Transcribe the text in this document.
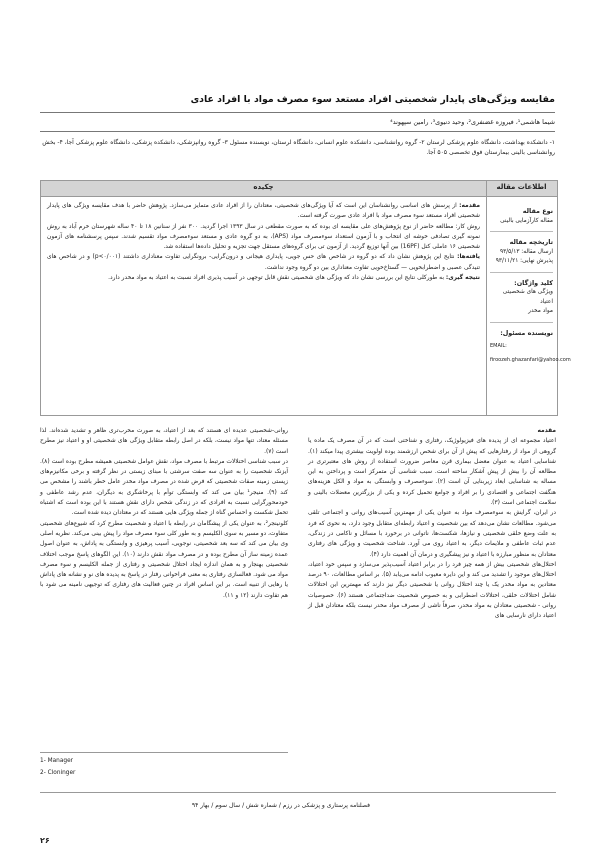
مقایسه ویژگی‌های پایدار شخصیتی افراد مستعد سوء مصرف مواد با افراد عادی
شیما هاشمی¹، فیروزه غضنفری²، وحید دنیوی³، رامین سپهوند⁴
۱- دانشکده بهداشت، دانشگاه علوم پزشکی لرستان ۲- گروه روانشناسی، دانشکده علوم انسانی، دانشگاه لرستان، نویسنده مسئول ۳- گروه روانپزشکی، دانشکده پزشکی، دانشگاه علوم پزشکی آجا، ۴- بخش روانشناسی بالینی بیمارستان فوق تخصصی ۵۰۵ آجا.
چکیده	اطلاعات مقاله

مقدمه: از پرسش های اساسی روانشناسان این است که آیا ویژگی‌های شخصیتی، معتادان را از افراد عادی متمایز می‌سازد. پژوهش حاضر با هدف مقایسه ویژگی های پایدار شخصیتی افراد مستعد سوء مصرف مواد با افراد عادی صورت گرفته است.

روش کار: مطالعه حاضر از نوع پژوهش‌های علی مقایسه ای بوده که به صورت مقطعی در سال ۱۳۹۳ اجرا گردید. ۳۰۰ نفر از سنانین ۱۸ تا ۴۰ ساله شهرستان خرم آباد به روش نمونه گیری تصادفی خوشه ای انتخاب و با آزمون استعداد سوءمصرف مواد (APS)، به دو گروه عادی و مستعد سوءمصرف مواد تقسیم شدند. سپس پرسشنامه های آزمون شخصیتی ۱۶ عاملی کتل (16PF) بین آنها توزیع گردید. از آزمون تی برای گروه‌های مستقل جهت تجزیه و تحلیل داده‌ها استفاده شد.

یافته‌ها: نتایج این پژوهش نشان داد که دو گروه در شاخص های حس جویی، پایداری هیجانی و درون‌گرایی- برونگرایی تفاوت معناداری داشتند (p<۰/۰۰۱) و در شاخص های تنیدگی عصبی و اضطرابخویی — گستاخ‌خویی تفاوت معناداری بین دو گروه وجود نداشت.

نتیجه گیری: به طورکلی نتایج این بررسی نشان داد که ویژگی های شخصیتی نقش قابل توجهی در آسیب پذیری افراد نسبت به اعتیاد به مواد مخدر دارد.

نوع مقاله
مقاله کارآزمایی بالینی
تاریخچه مقاله
ارسال مقاله: ۹۳/۵/۱۳
پذیرش نهایی: ۹۳/۱۱/۲۱
کلید واژگان:
ویژگی های شخصیتی
اعتیاد
مواد مخدر
نویسنده مسئول:
EMAIL:
firoozeh.ghazanfari@yahoo.com

مقدمه

اعتیاد مجموعه ای از پدیده های فیزیولوژیک، رفتاری و شناختی است که در آن مصرف یک ماده یا گروهی از مواد از رفتارهایی که پیش از آن برای شخص ارزشمند بوده اولویت بیشتری پیدا میکند (۱). شناسایی اعتیاد به عنوان معضل بیماری قرن معاصر ضرورت استفاده از روش های معتبرتری در مطالعه آن را بیش از پیش آشکار ساخته است. سبب شناسی آن متمرکز است و پرداختن به این مساله به شناسایی ابعاد زیربنایی آن است (۲). سوءمصرف و وابستگی به مواد و الکل هزینه‌های هنگفت اجتماعی و اقتصادی را بر افراد و جوامع تحمیل کرده و یکی از بزرگترین معضلات بالینی و سلامت اجتماعی است (۳).

در ایران، گرایش به سوءمصرف مواد به عنوان یکی از مهمترین آسیب‌های روانی و اجتماعی تلقی می‌شود. مطالعات نشان می‌دهد که بین شخصیت و اعتیاد رابطه‌ای متقابل وجود دارد، به نحوی که فرد به علت وضع خلقی شخصیتی و نیازها، شکست‌ها، ناتوانی در برخورد با مسائل و ناکامی در زندگی، عدم ثبات عاطفی و ملایمات دیگر، به اعتیاد روی می آورد. شناخت شخصیت و ویژگی های رفتاری معتادان به منظور مبارزه با اعتیاد و نیز پیشگیری و درمان آن اهمیت دارد (۴).

اختلال‌های شخصیتی بیش از همه چیز فرد را در برابر اعتیاد آسیب‌پذیر می‌سازد و سپس خود اعتیاد، اختلال‌های موجود را تشدید می کند و این دایره معیوب ادامه می‌یابد (۵). بر اساس مطالعات، ۹۰ درصد معتادین به مواد مخدر یک یا چند اختلال روانی یا شخصیتی دیگر نیز دارند که مهمترین این اختلالات شامل اختلالات خلقی، اختلالات اضطرابی و به خصوص شخصیت ضداجتماعی هستند (۶). خصوصیات روانی - شخصیتی معتادان به مواد مخدر، صرفاً ناشی از مصرف مواد مخدر نیست بلکه معتادان قبل از اعتیاد دارای نارسایی های

روانی-شخصیتی عدیده ای هستند که بعد از اعتیاد، به صورت مخرب‌تری ظاهر و تشدید شده‌اند. لذا مسئله معتاد، تنها مواد نیست، بلکه در اصل رابطه متقابل ویژگی های شخصیتی او و اعتیاد نیز مطرح است (۷).

در سبب شناسی اختلالات مرتبط با مصرف مواد، نقش عوامل شخصیتی همیشه مطرح بوده است (۸). آیزنک شخصیت را به عنوان سه صفت سرشتی با مبنای زیستی در نظر گرفته و برخی مکانیزم‌های زیستی زمینه صفات شخصیتی که فرض شده در مصرف مواد مخدر عامل خطر باشند را مشخص می کند (۹). منیجر¹ بیان می کند که وابستگی توأم با پرخاشگری به دیگران، عدم رشد عاطفی و خودمحورگرایی نسبت به افرادی که در زندگی شخص دارای نقش هستند با این بوده است که اشتباه تحمل شکست و احساس گناه از جمله ویژگی هایی هستند که در معتادان دیده شده است.

کلونینجر²، به عنوان یکی از پیشگامان در رابطه با اعتیاد و شخصیت مطرح کرد که شیوع‌های شخصیتی متفاوت، دو مسیر به سوی الکلیسم و به طور کلی سوء مصرف مواد را پیش بینی می‌کند. نظریه اصلی وی بیان می کند که سه بعد شخصیتی، نوجویی، آسیب پرهیزی و وابستگی به پاداش، به عنوان اصول عمده زمینه ساز آن مطرح بوده و در مصرف مواد نقش دارند (۱۰). این الگوهای پاسخ موجب اختلاف شخصیتی بهنجار و به همان اندازه ایجاد اختلال شخصیتی و رفتاری از جمله الکلیسم و سوء مصرف مواد می شود. فعالسازی رفتاری به معنی فراخوانی رفتار در پاسخ به پدیده های نو و نشانه های پاداش یا رهایی از تنبیه است. بر این اساس افراد در چنین فعالیت های رفتاری که توجیهی نامینه می شود با هم تفاوت دارند (۱۲ و ۱۱).

1- Manager
2- Cloninger
فصلنامه پرستاری و پزشکی در رزم / شماره شش / سال سوم / بهار ۹۴
۲۶
